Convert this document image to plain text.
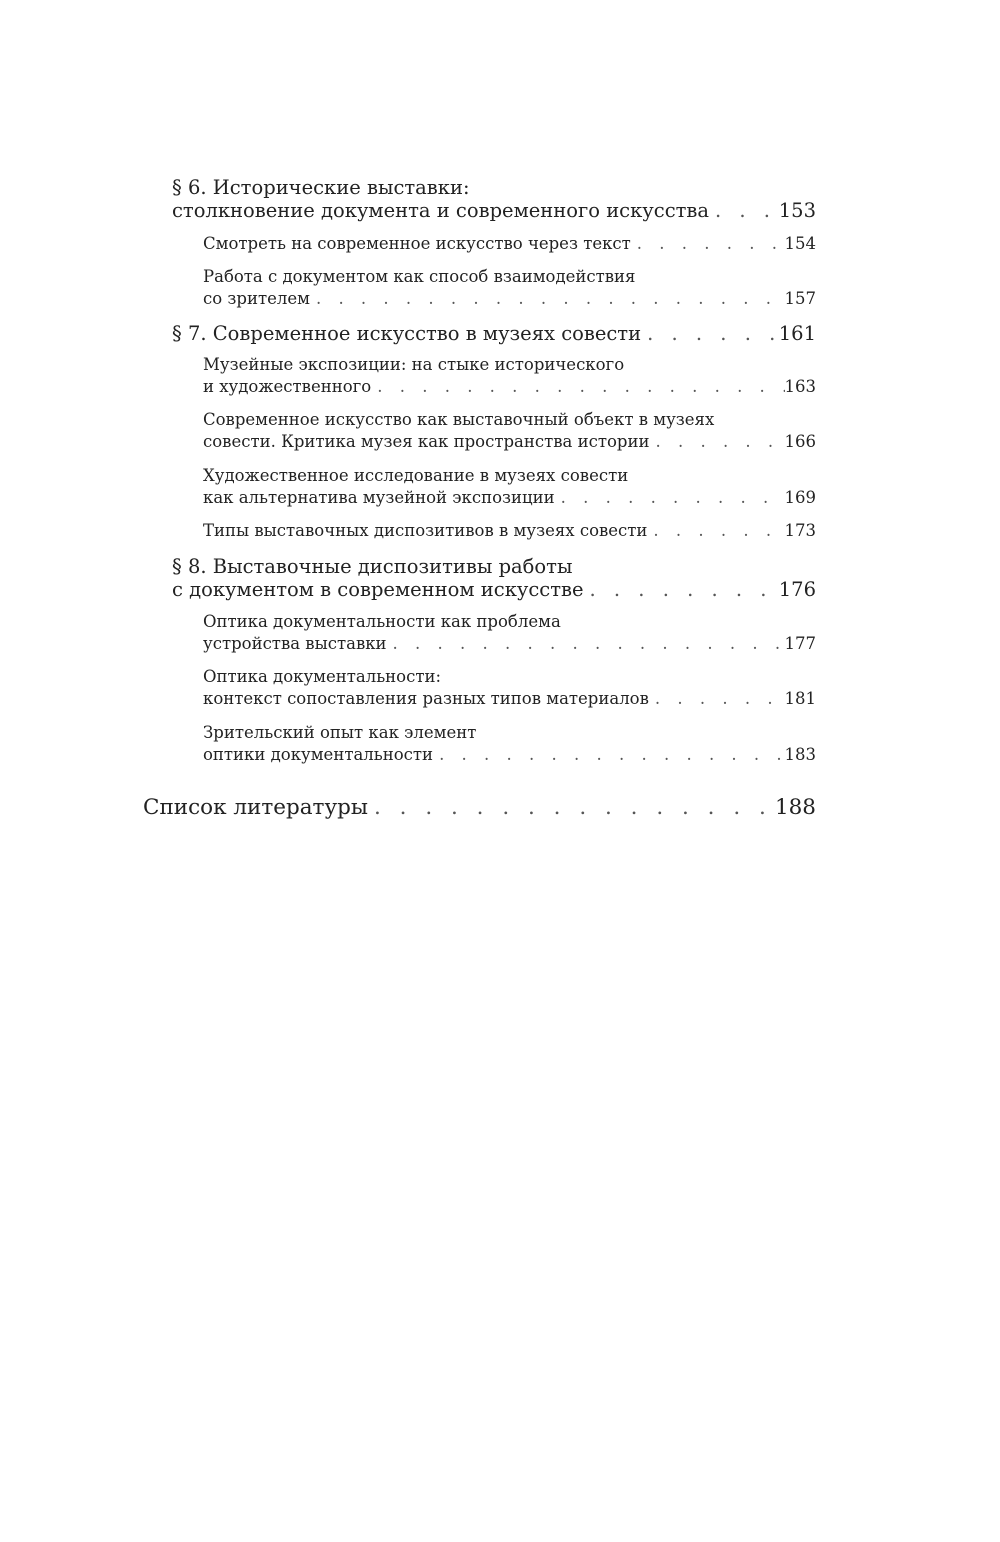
§ 6. Исторические выставки:
столкновение документа и современного искусства . . .	153
Смотреть на современное искусство через текст . . .	154
Работа с документом как способ взаимодействия
со зрителем . . .	157
§ 7. Современное искусство в музеях совести . . .	161
Музейные экспозиции: на стыке исторического
и художественного . . .	163
Современное искусство как выставочный объект в музеях
совести. Критика музея как пространства истории . . .	166
Художественное исследование в музеях совести
как альтернатива музейной экспозиции . . .	169
Типы выставочных диспозитивов в музеях совести . . .	173
§ 8. Выставочные диспозитивы работы
с документом в современном искусстве . . .	176
Оптика документальности как проблема
устройства выставки . . .	177
Оптика документальности:
контекст сопоставления разных типов материалов . . .	181
Зрительский опыт как элемент
оптики документальности . . .	183
Список литературы . . .	188
